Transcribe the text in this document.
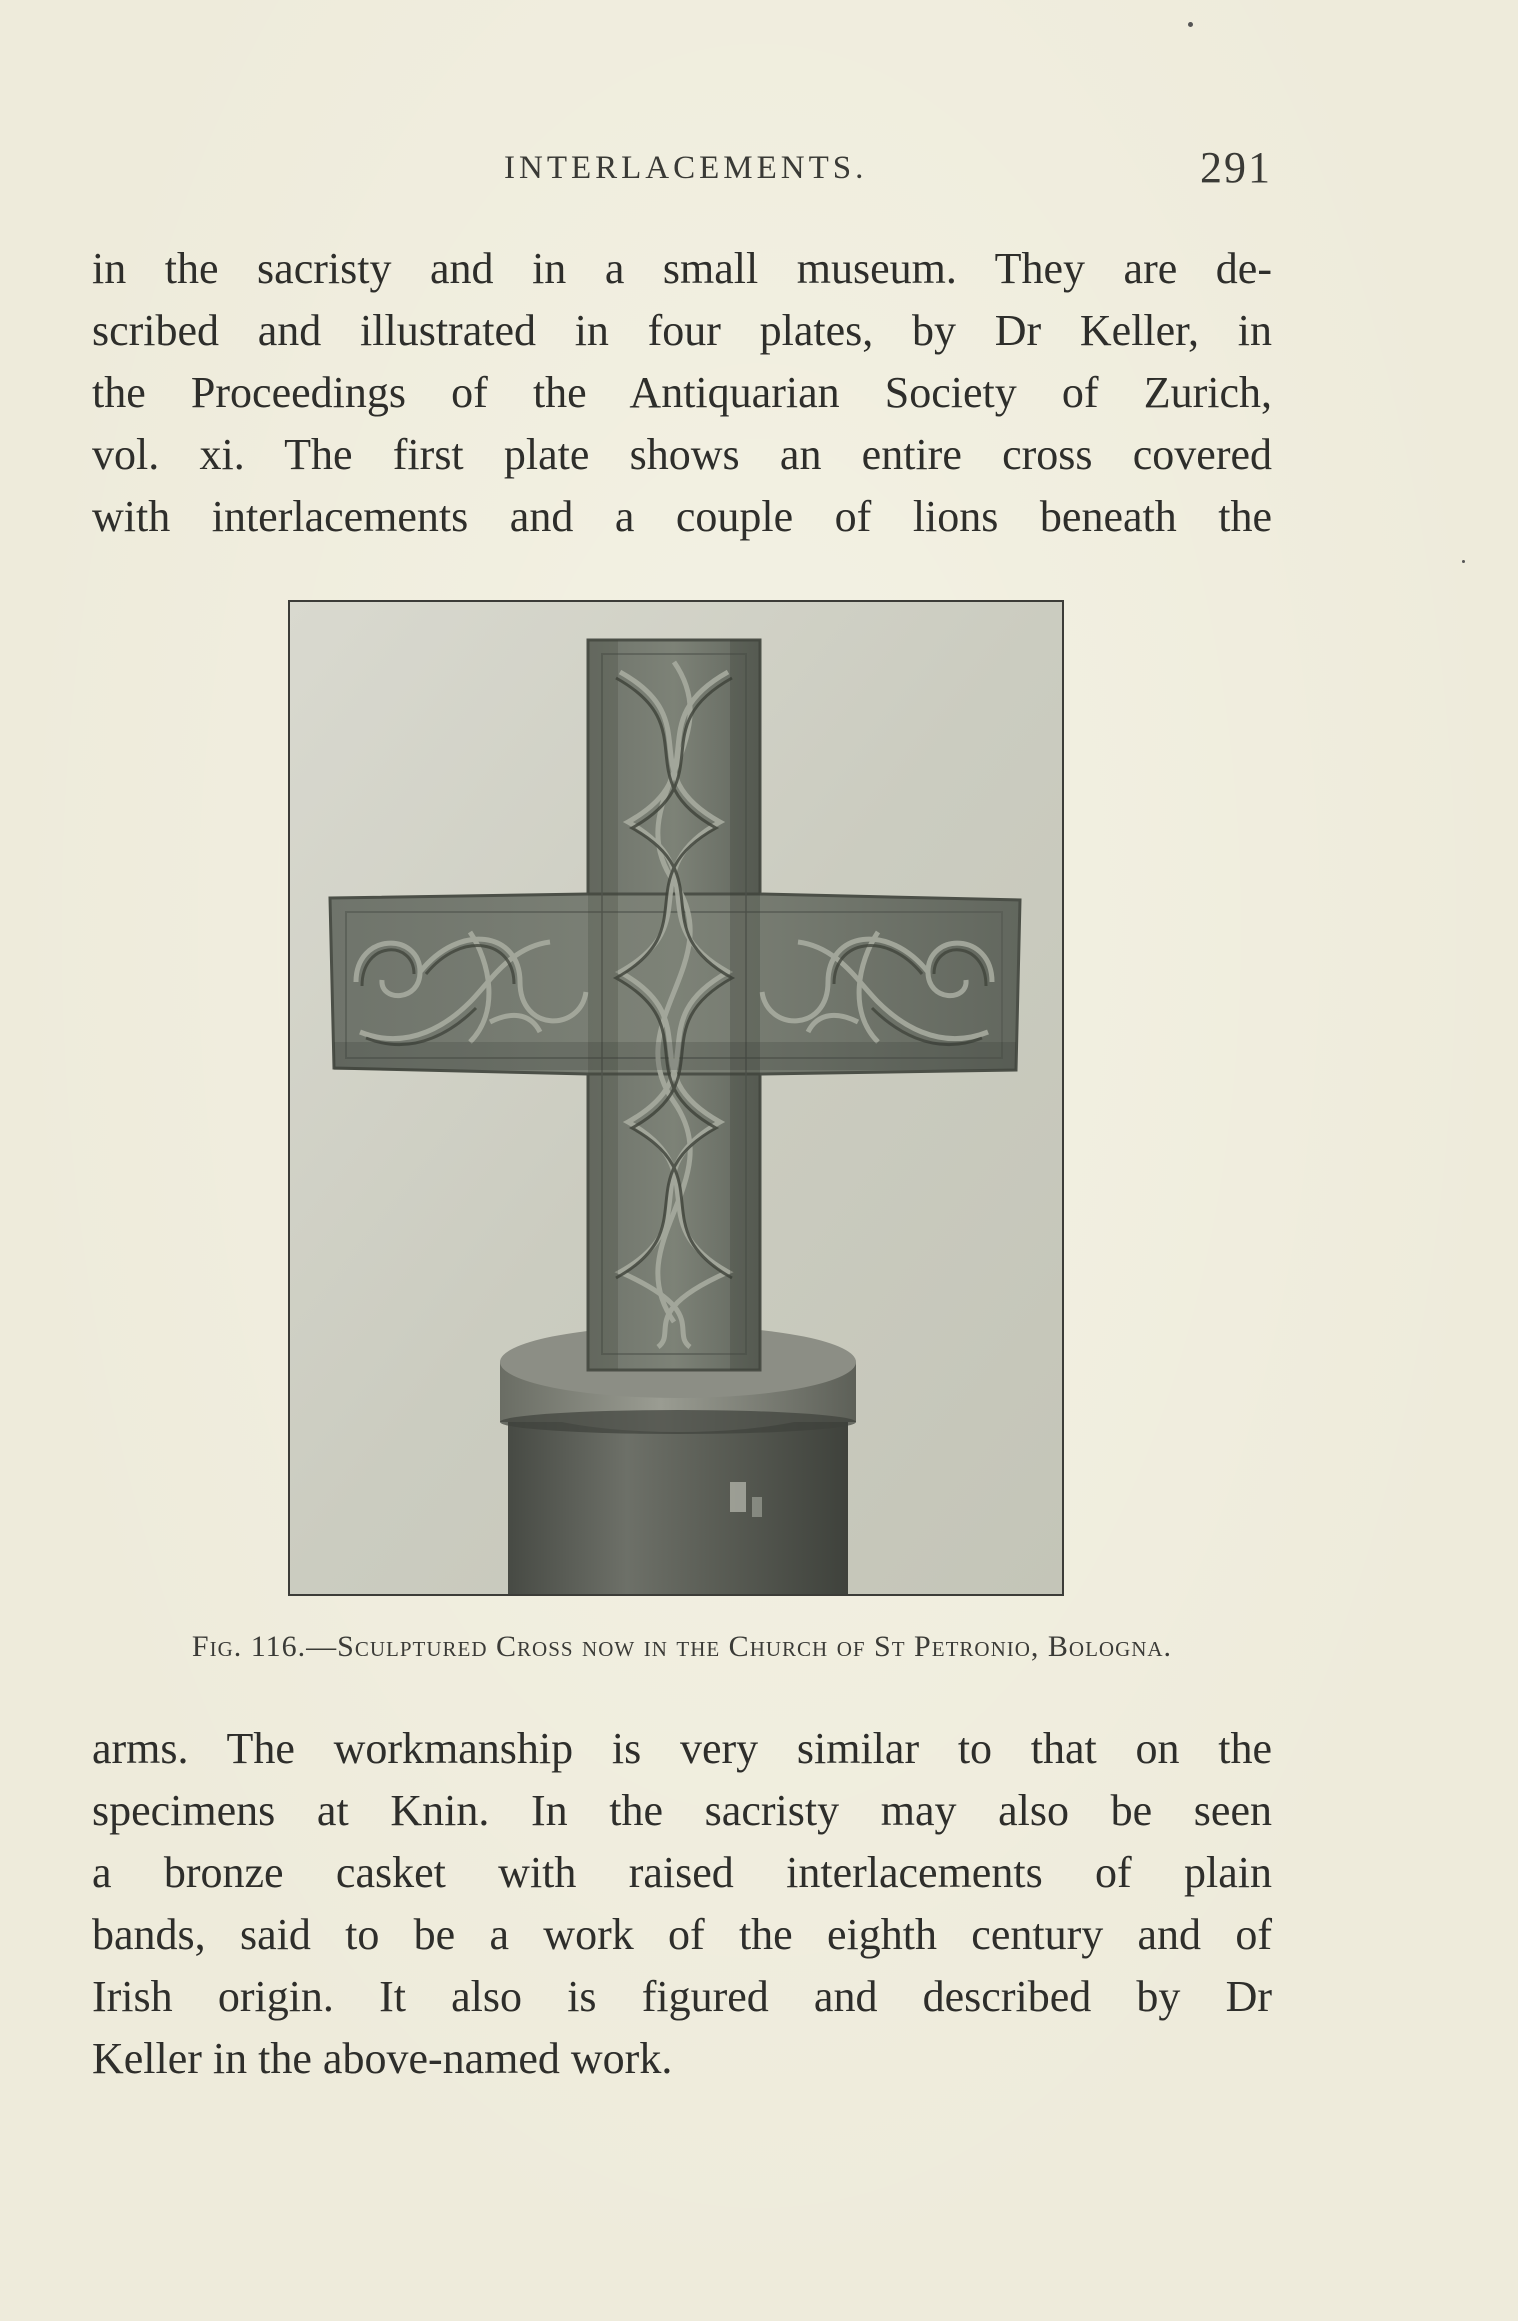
INTERLACEMENTS.	291
in the sacristy and in a small museum. They are de-
scribed and illustrated in four plates, by Dr Keller, in
the Proceedings of the Antiquarian Society of Zurich,
vol. xi. The first plate shows an entire cross covered
with interlacements and a couple of lions beneath the
Fig. 116.—Sculptured Cross now in the Church of St Petronio, Bologna.
arms. The workmanship is very similar to that on the
specimens at Knin. In the sacristy may also be seen
a bronze casket with raised interlacements of plain
bands, said to be a work of the eighth century and of
Irish origin. It also is figured and described by Dr
Keller in the above-named work.
